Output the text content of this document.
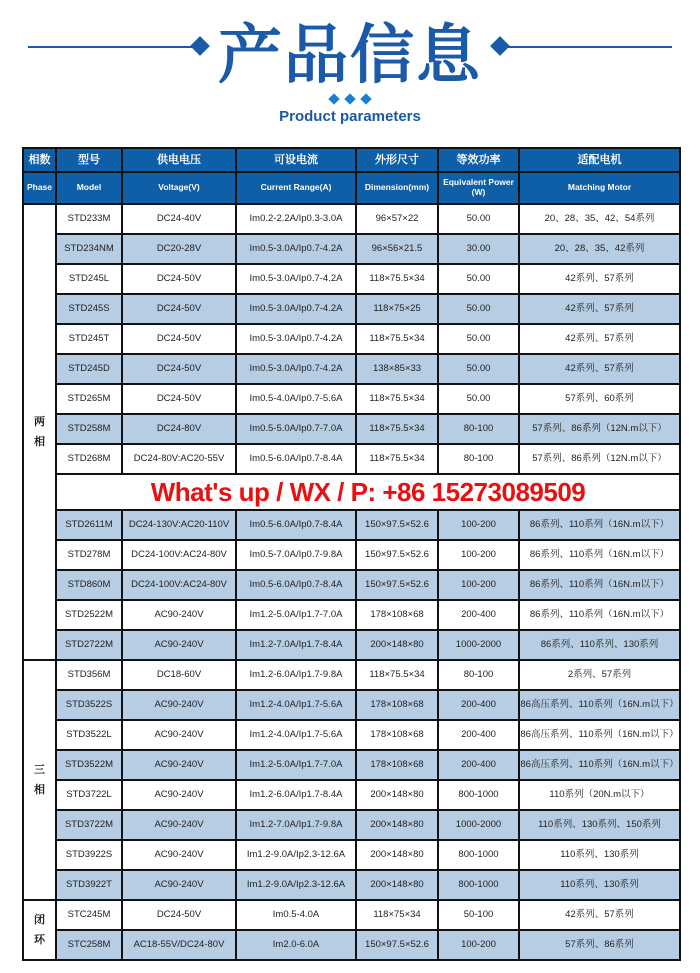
产品信息
Product parameters
相数	型号	供电电压	可设电流	外形尺寸	等效功率	适配电机
Phase	Model	Voltage(V)	Current Range(A)	Dimension(mm)	Equivalent Power (W)	Matching Motor
两相	STD233M	DC24-40V	Im0.2-2.2A/Ip0.3-3.0A	96×57×22	50.00	20、28、35、42、54系列
	STD234NM	DC20-28V	Im0.5-3.0A/Ip0.7-4.2A	96×56×21.5	30.00	20、28、35、42系列
	STD245L	DC24-50V	Im0.5-3.0A/Ip0.7-4.2A	118×75.5×34	50.00	42系列、57系列
	STD245S	DC24-50V	Im0.5-3.0A/Ip0.7-4.2A	118×75×25	50.00	42系列、57系列
	STD245T	DC24-50V	Im0.5-3.0A/Ip0.7-4.2A	118×75.5×34	50.00	42系列、57系列
	STD245D	DC24-50V	Im0.5-3.0A/Ip0.7-4.2A	138×85×33	50.00	42系列、57系列
	STD265M	DC24-50V	Im0.5-4.0A/Ip0.7-5.6A	118×75.5×34	50.00	57系列、60系列
	STD258M	DC24-80V	Im0.5-5.0A/Ip0.7-7.0A	118×75.5×34	80-100	57系列、86系列（12N.m以下）
	STD268M	DC24-80V:AC20-55V	Im0.5-6.0A/Ip0.7-8.4A	118×75.5×34	80-100	57系列、86系列（12N.m以下）

	What's up / WX / P: +86 15273089509					

	STD2611M	DC24-130V:AC20-110V	Im0.5-6.0A/Ip0.7-8.4A	150×97.5×52.6	100-200	86系列、110系列（16N.m以下）
	STD278M	DC24-100V:AC24-80V	Im0.5-7.0A/Ip0.7-9.8A	150×97.5×52.6	100-200	86系列、110系列（16N.m以下）
	STD860M	DC24-100V:AC24-80V	Im0.5-6.0A/Ip0.7-8.4A	150×97.5×52.6	100-200	86系列、110系列（16N.m以下）
	STD2522M	AC90-240V	Im1.2-5.0A/Ip1.7-7.0A	178×108×68	200-400	86系列、110系列（16N.m以下）
	STD2722M	AC90-240V	Im1.2-7.0A/Ip1.7-8.4A	200×148×80	1000-2000	86系列、110系列、130系列
三相	STD356M	DC18-60V	Im1.2-6.0A/Ip1.7-9.8A	118×75.5×34	80-100	2系列、57系列
	STD3522S	AC90-240V	Im1.2-4.0A/Ip1.7-5.6A	178×108×68	200-400	86高压系列、110系列（16N.m以下）
	STD3522L	AC90-240V	Im1.2-4.0A/Ip1.7-5.6A	178×108×68	200-400	86高压系列、110系列（16N.m以下）
	STD3522M	AC90-240V	Im1.2-5.0A/Ip1.7-7.0A	178×108×68	200-400	86高压系列、110系列（16N.m以下）
	STD3722L	AC90-240V	Im1.2-6.0A/Ip1.7-8.4A	200×148×80	800-1000	110系列（20N.m以下）
	STD3722M	AC90-240V	Im1.2-7.0A/Ip1.7-9.8A	200×148×80	1000-2000	110系列、130系列、150系列
	STD3922S	AC90-240V	Im1.2-9.0A/Ip2.3-12.6A	200×148×80	800-1000	110系列、130系列
	STD3922T	AC90-240V	Im1.2-9.0A/Ip2.3-12.6A	200×148×80	800-1000	110系列、130系列
闭环	STC245M	DC24-50V	Im0.5-4.0A	118×75×34	50-100	42系列、57系列
	STC258M	AC18-55V/DC24-80V	Im2.0-6.0A	150×97.5×52.6	100-200	57系列、86系列
